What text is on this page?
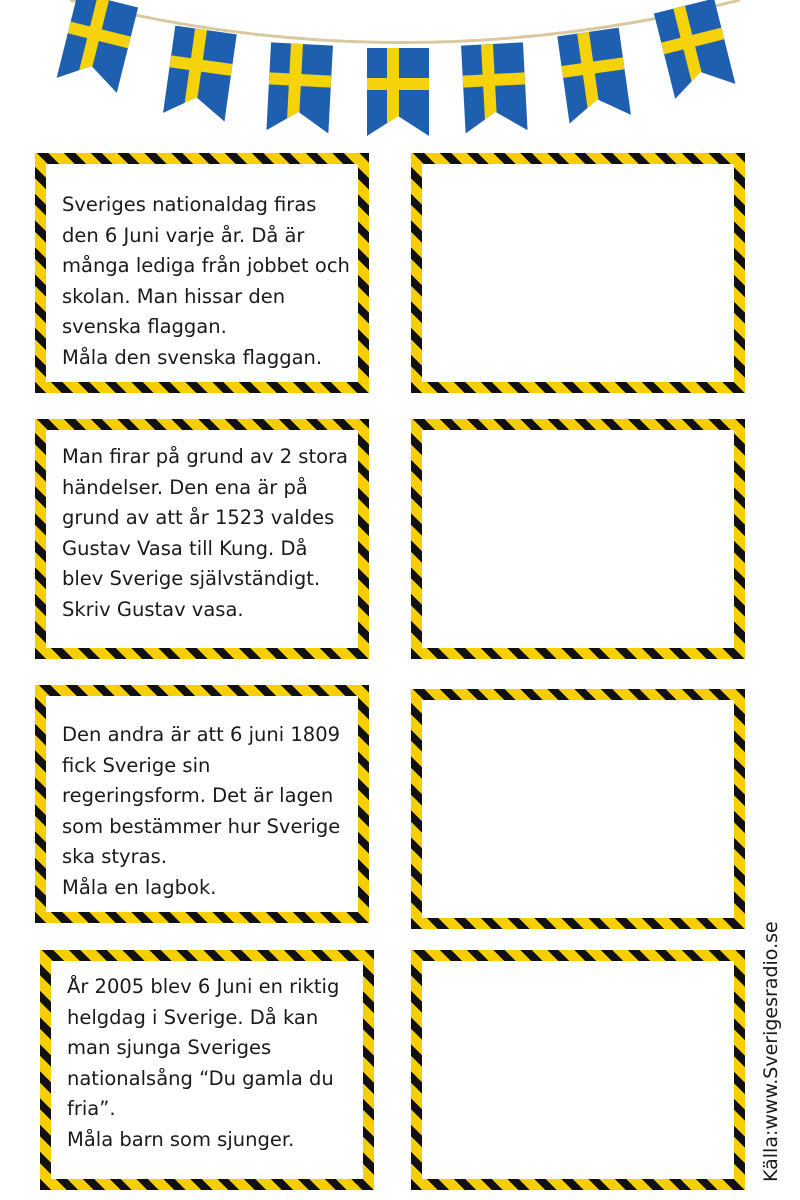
Sveriges nationaldag firas den 6 Juni varje år. Då är många lediga från jobbet och skolan. Man hissar den svenska flaggan.

Måla den svenska flaggan.

Man firar på grund av 2 stora händelser. Den ena är på grund av att år 1523 valdes Gustav Vasa till Kung. Då blev Sverige självständigt.

Skriv Gustav vasa.

Den andra är att 6 juni 1809 fick Sverige sin regeringsform. Det är lagen som bestämmer hur Sverige ska styras.

Måla en lagbok.

År 2005 blev 6 Juni en riktig helgdag i Sverige. Då kan man sjunga Sveriges nationalsång “Du gamla du fria”.

Måla barn som sjunger.	Källa:www.Sverigesradio.se
